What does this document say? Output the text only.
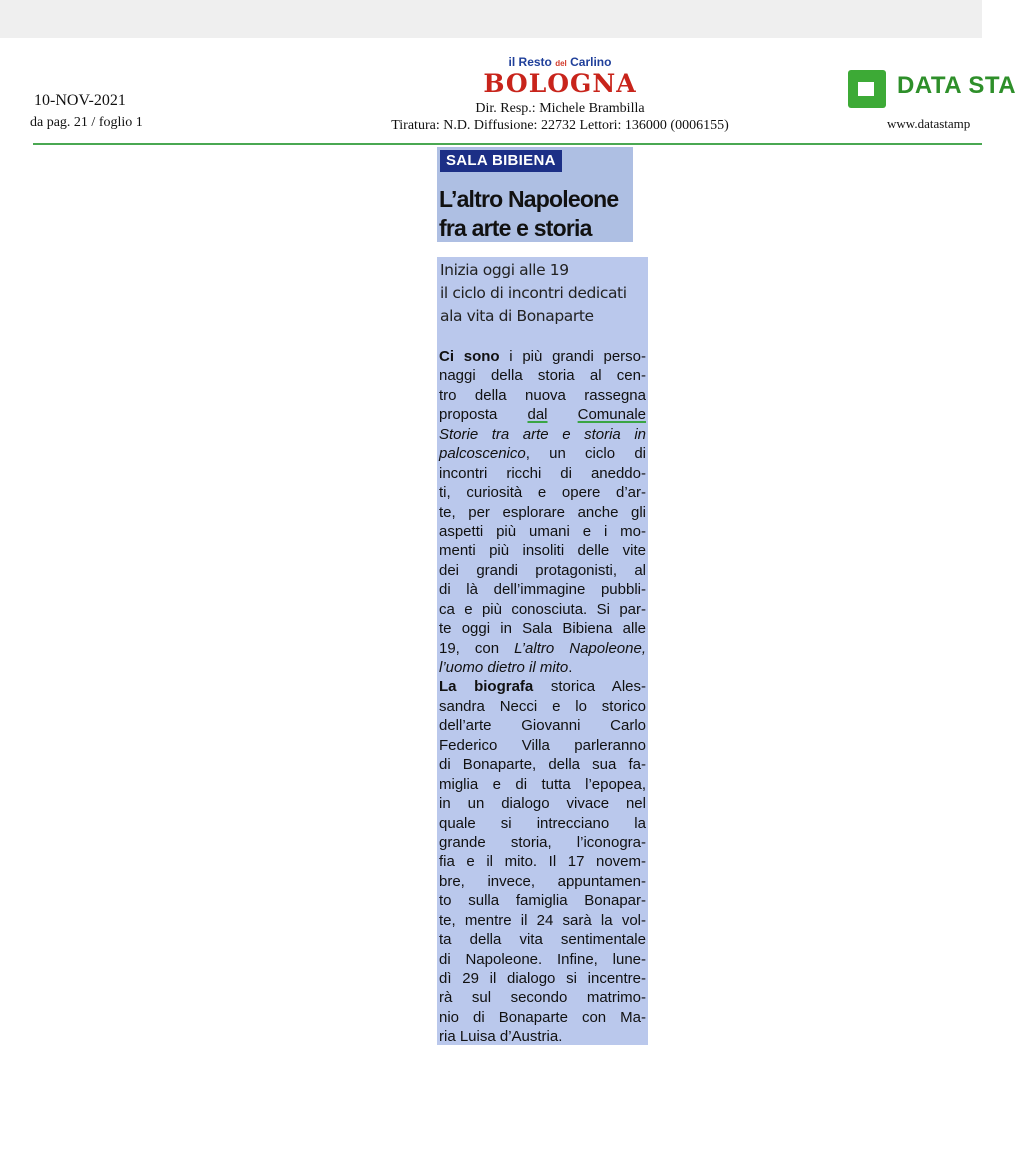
10-NOV-2021
da pag. 21 / foglio 1
il Resto del Carlino
BOLOGNA
Dir. Resp.: Michele Brambilla
Tiratura: N.D. Diffusione: 22732 Lettori: 136000 (0006155)
DATA STA
www.datastamp
SALA BIBIENA
L’altro Napoleone
fra arte e storia
Inizia oggi alle 19
il ciclo di incontri dedicati
ala vita di Bonaparte
Ci sono i più grandi perso-
naggi della storia al cen-
tro della nuova rassegna
proposta dal Comunale
Storie tra arte e storia in
palcoscenico, un ciclo di
incontri ricchi di aneddo-
ti, curiosità e opere d’ar-
te, per esplorare anche gli
aspetti più umani e i mo-
menti più insoliti delle vite
dei grandi protagonisti, al
di là dell’immagine pubbli-
ca e più conosciuta. Si par-
te oggi in Sala Bibiena alle
19, con L’altro Napoleone,
l’uomo dietro il mito.
La biografa storica Ales-
sandra Necci e lo storico
dell’arte Giovanni Carlo
Federico Villa parleranno
di Bonaparte, della sua fa-
miglia e di tutta l’epopea,
in un dialogo vivace nel
quale si intrecciano la
grande storia, l’iconogra-
fia e il mito. Il 17 novem-
bre, invece, appuntamen-
to sulla famiglia Bonapar-
te, mentre il 24 sarà la vol-
ta della vita sentimentale
di Napoleone. Infine, lune-
dì 29 il dialogo si incentre-
rà sul secondo matrimo-
nio di Bonaparte con Ma-
ria Luisa d’Austria.
